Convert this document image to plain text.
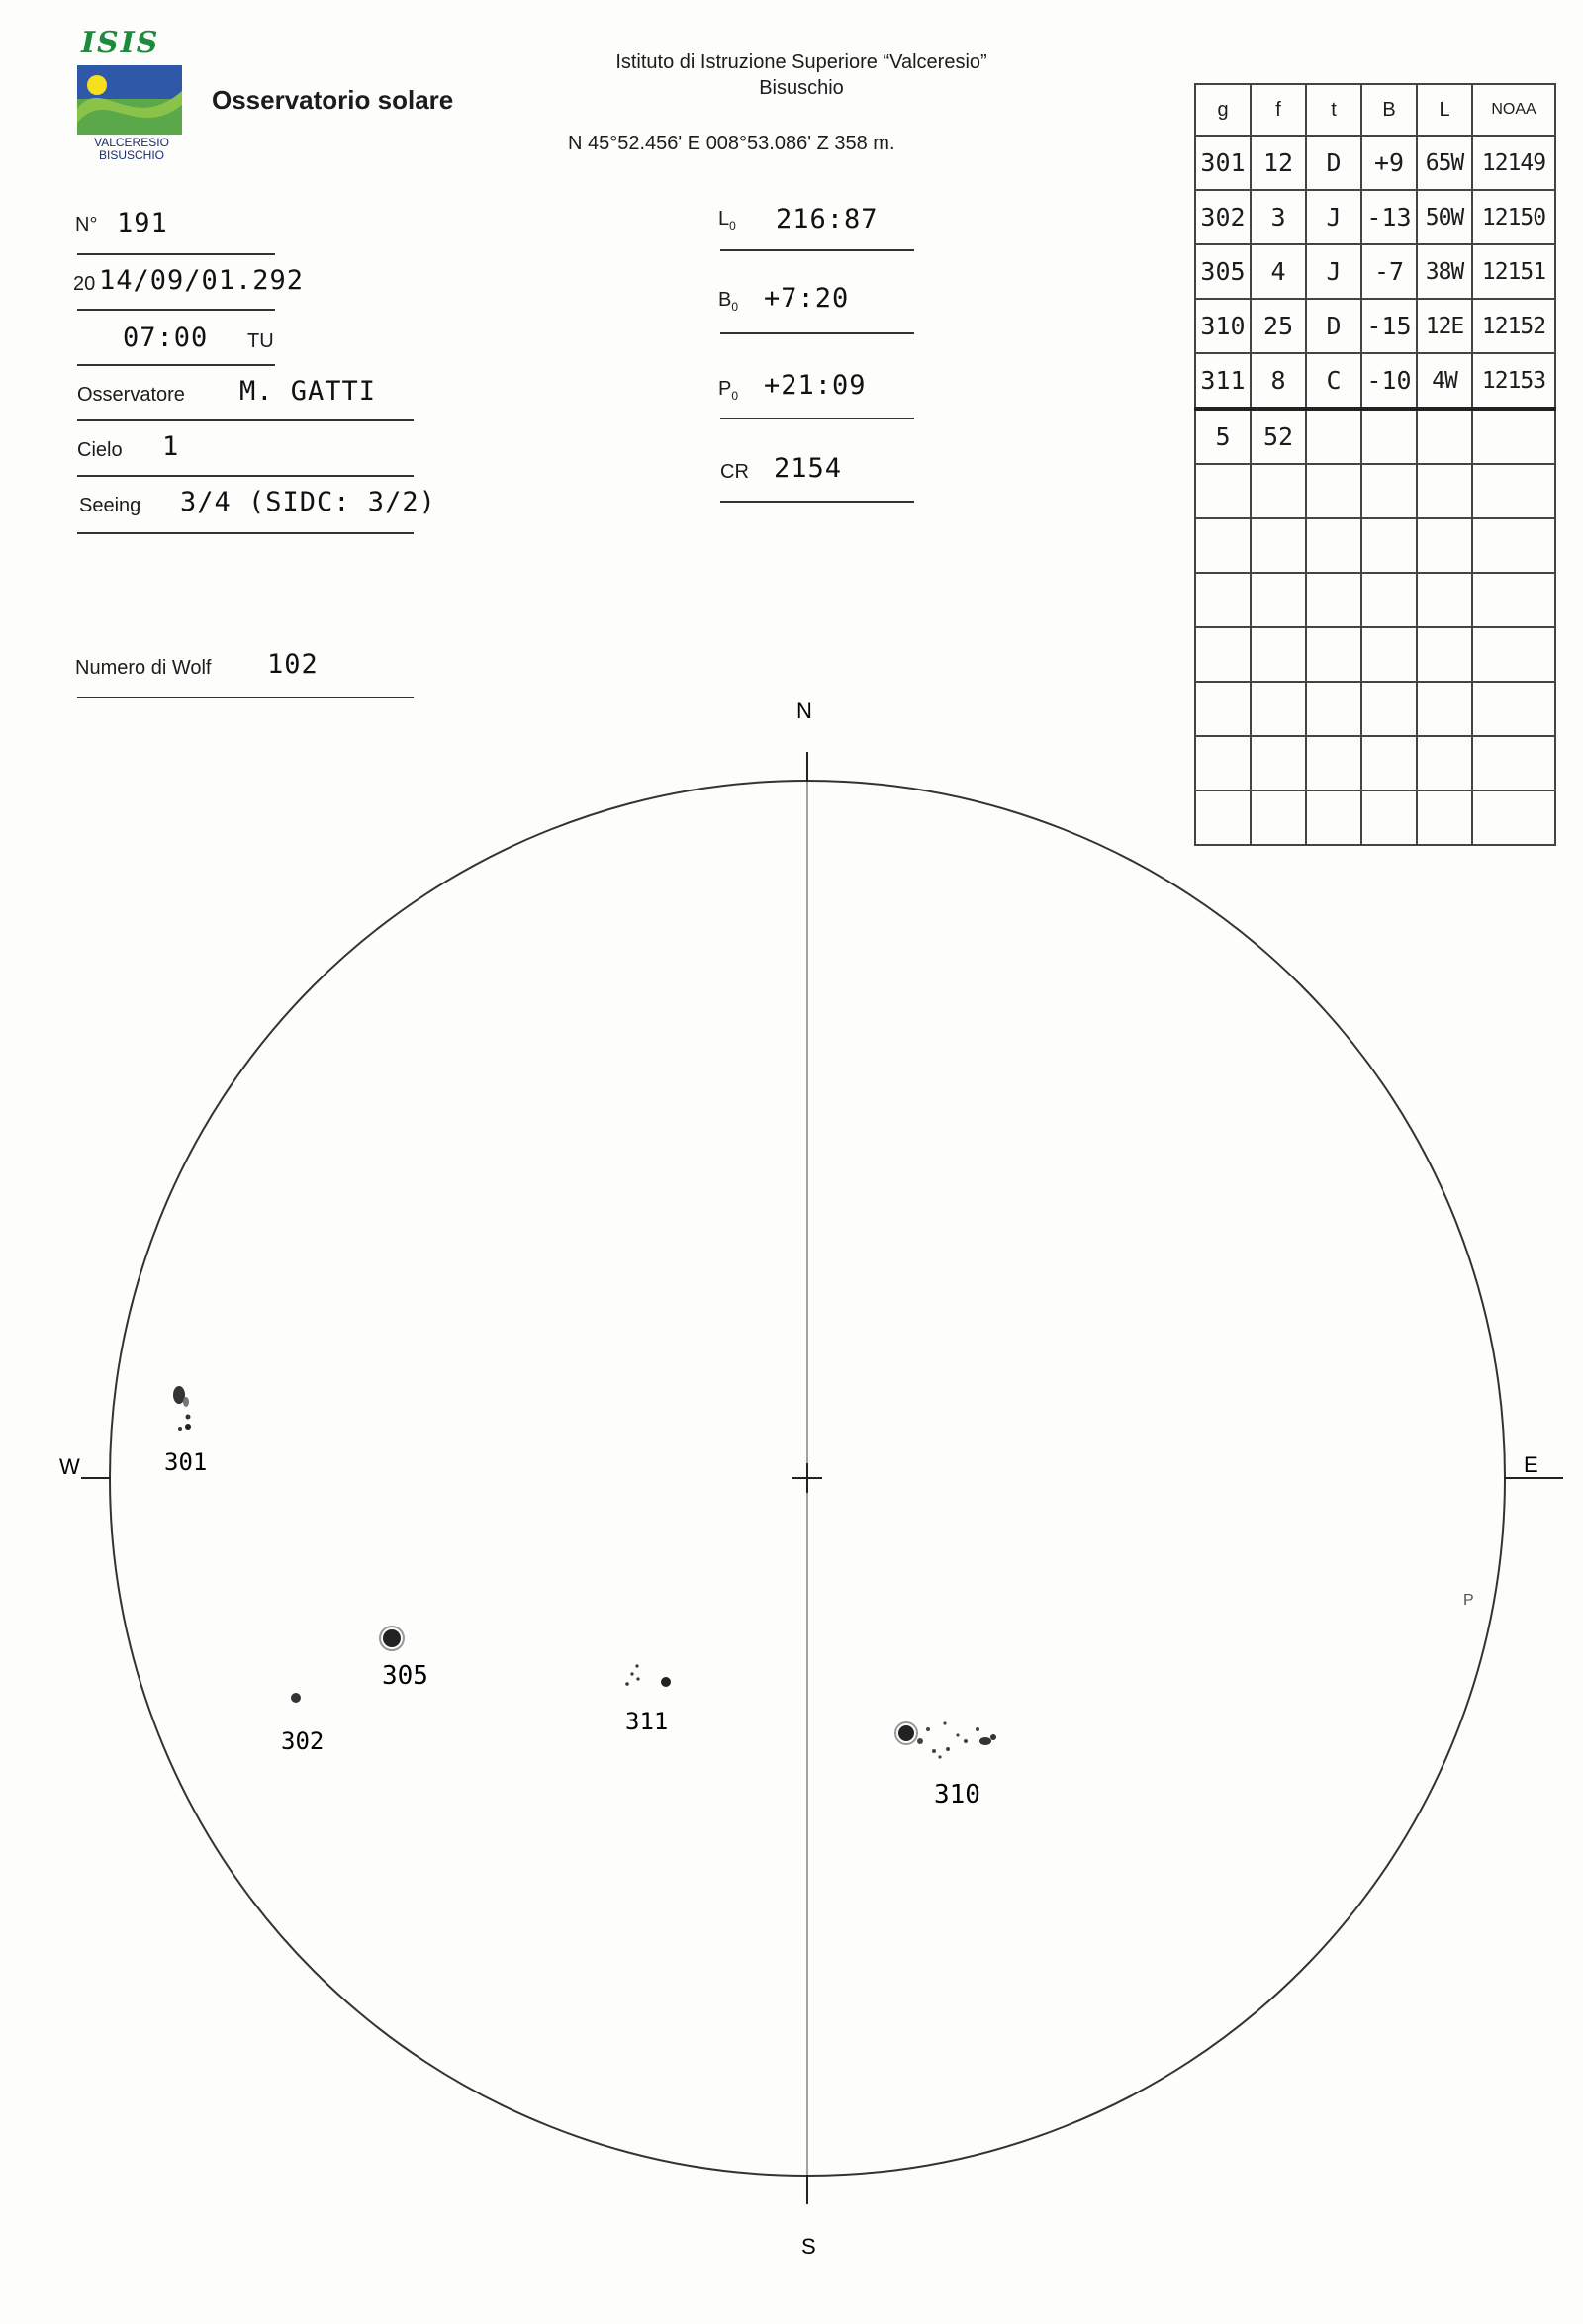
ISIS
VALCERESIO
BISUSCHIO
Osservatorio solare
Istituto di Istruzione Superiore “Valceresio”
Bisuschio
N 45°52.456' E 008°53.086' Z 358 m.
N° 191
20 14/09/01.292
07:00 TU
Osservatore M. GATTI
Cielo 1
Seeing 3/4 (SIDC: 3/2)
Numero di Wolf 102
$L_0$ 216:87
$B_0$ +7:20
$P_0$ +21:09
CR 2154
g	f	t	B	L	NOAA
301	12	D	+9	65W	12149
302	3	J	-13	50W	12150
305	4	J	-7	38W	12151
310	25	D	-15	12E	12152
311	8	C	-10	4W	12153
5	52				

N
S
W	E
P
301
305
302
311
310
